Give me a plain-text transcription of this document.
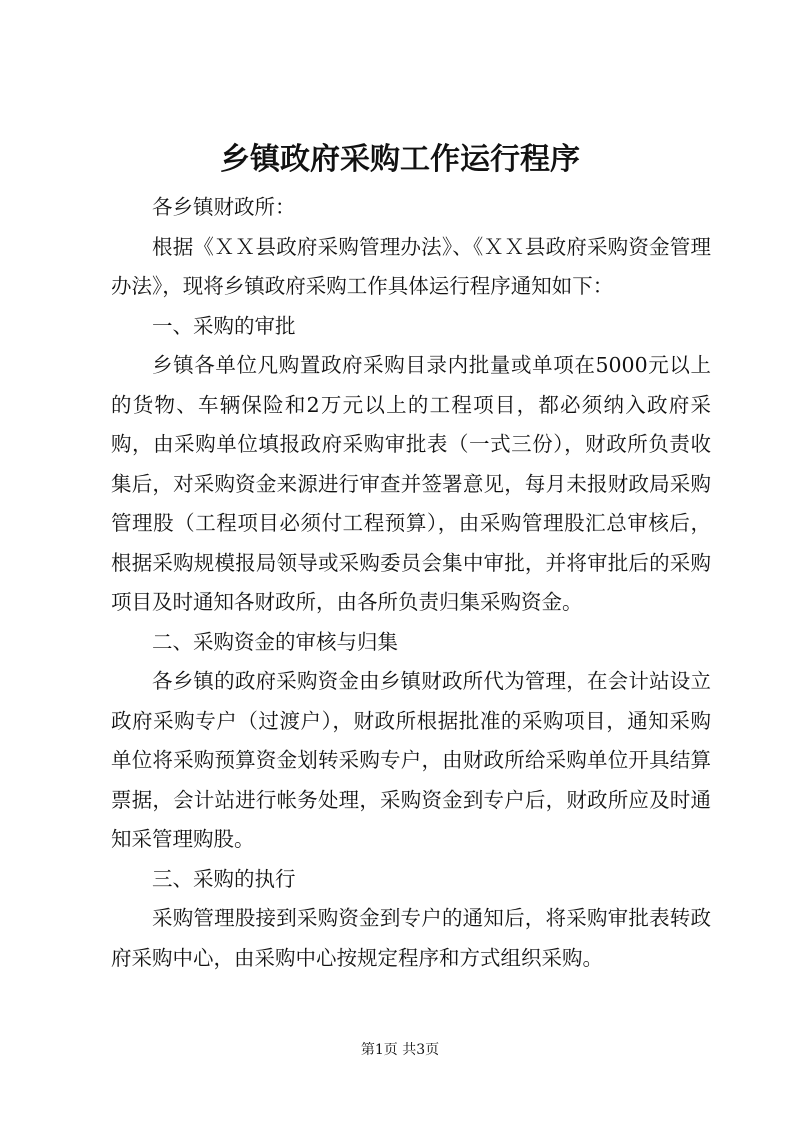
乡镇政府采购工作运行程序

各乡镇财政所：

根据《ＸＸ县政府采购管理办法》、《ＸＸ县政府采购资金管理办法》，现将乡镇政府采购工作具体运行程序通知如下：

一、采购的审批

乡镇各单位凡购置政府采购目录内批量或单项在5000元以上的货物、车辆保险和2万元以上的工程项目，都必须纳入政府采购，由采购单位填报政府采购审批表（一式三份），财政所负责收集后，对采购资金来源进行审查并签署意见，每月未报财政局采购管理股（工程项目必须付工程预算），由采购管理股汇总审核后，根据采购规模报局领导或采购委员会集中审批，并将审批后的采购项目及时通知各财政所，由各所负责归集采购资金。

二、采购资金的审核与归集

各乡镇的政府采购资金由乡镇财政所代为管理，在会计站设立政府采购专户（过渡户），财政所根据批准的采购项目，通知采购单位将采购预算资金划转采购专户，由财政所给采购单位开具结算票据，会计站进行帐务处理，采购资金到专户后，财政所应及时通知采管理购股。

三、采购的执行

采购管理股接到采购资金到专户的通知后，将采购审批表转政府采购中心，由采购中心按规定程序和方式组织采购。

第1页 共3页
